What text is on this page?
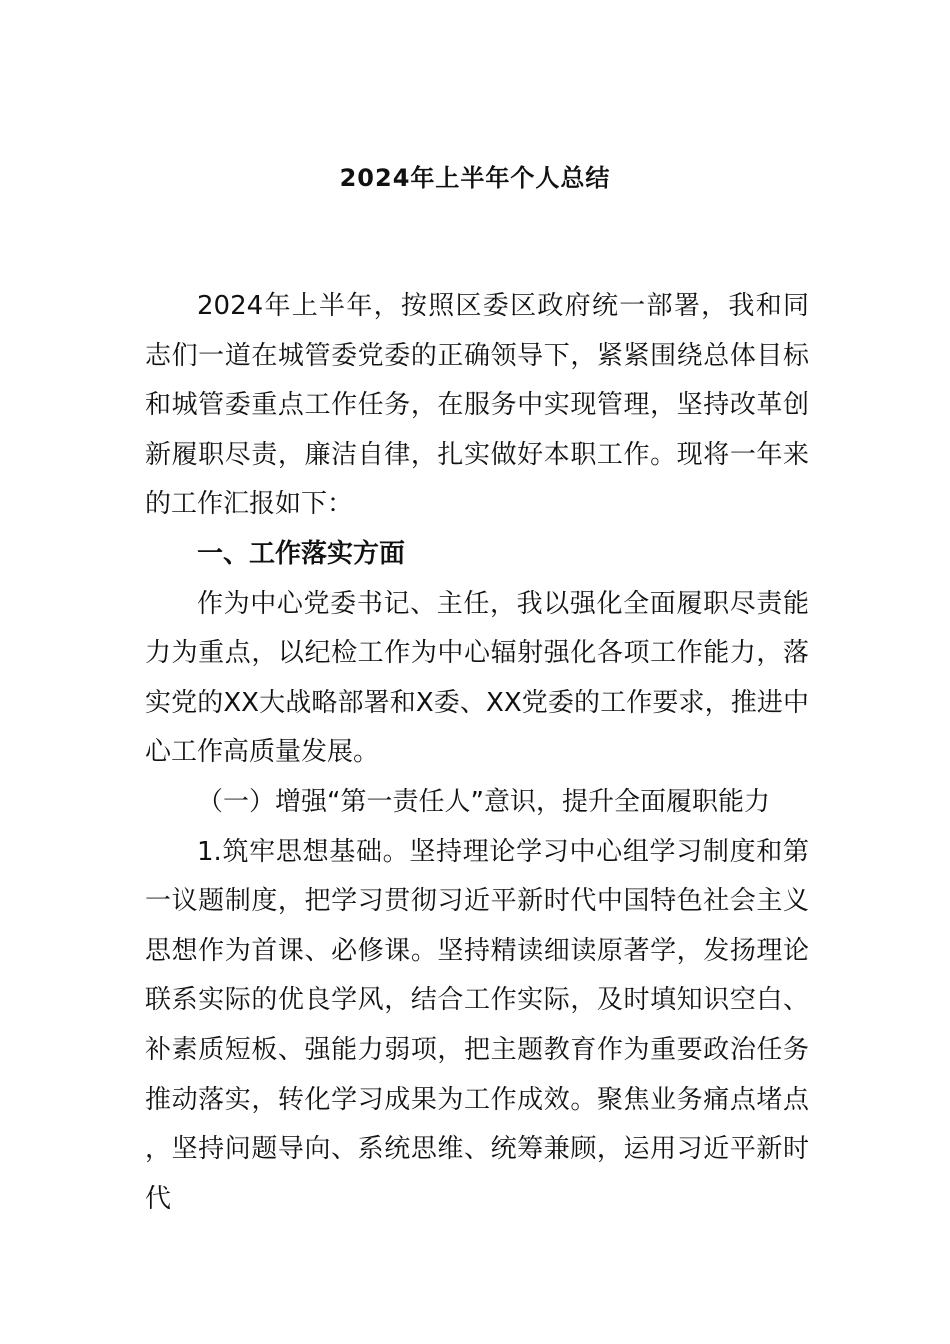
2024年上半年个人总结

2024年上半年，按照区委区政府统一部署，我和同志们一道在城管委党委的正确领导下，紧紧围绕总体目标和城管委重点工作任务，在服务中实现管理，坚持改革创新履职尽责，廉洁自律，扎实做好本职工作。现将一年来的工作汇报如下：

一、工作落实方面

作为中心党委书记、主任，我以强化全面履职尽责能力为重点，以纪检工作为中心辐射强化各项工作能力，落实党的XX大战略部署和X委、XX党委的工作要求，推进中心工作高质量发展。

（一）增强“第一责任人”意识，提升全面履职能力

1.筑牢思想基础。坚持理论学习中心组学习制度和第一议题制度，把学习贯彻习近平新时代中国特色社会主义思想作为首课、必修课。坚持精读细读原著学，发扬理论联系实际的优良学风，结合工作实际，及时填知识空白、补素质短板、强能力弱项，把主题教育作为重要政治任务推动落实，转化学习成果为工作成效。聚焦业务痛点堵点，坚持问题导向、系统思维、统筹兼顾，运用习近平新时代
